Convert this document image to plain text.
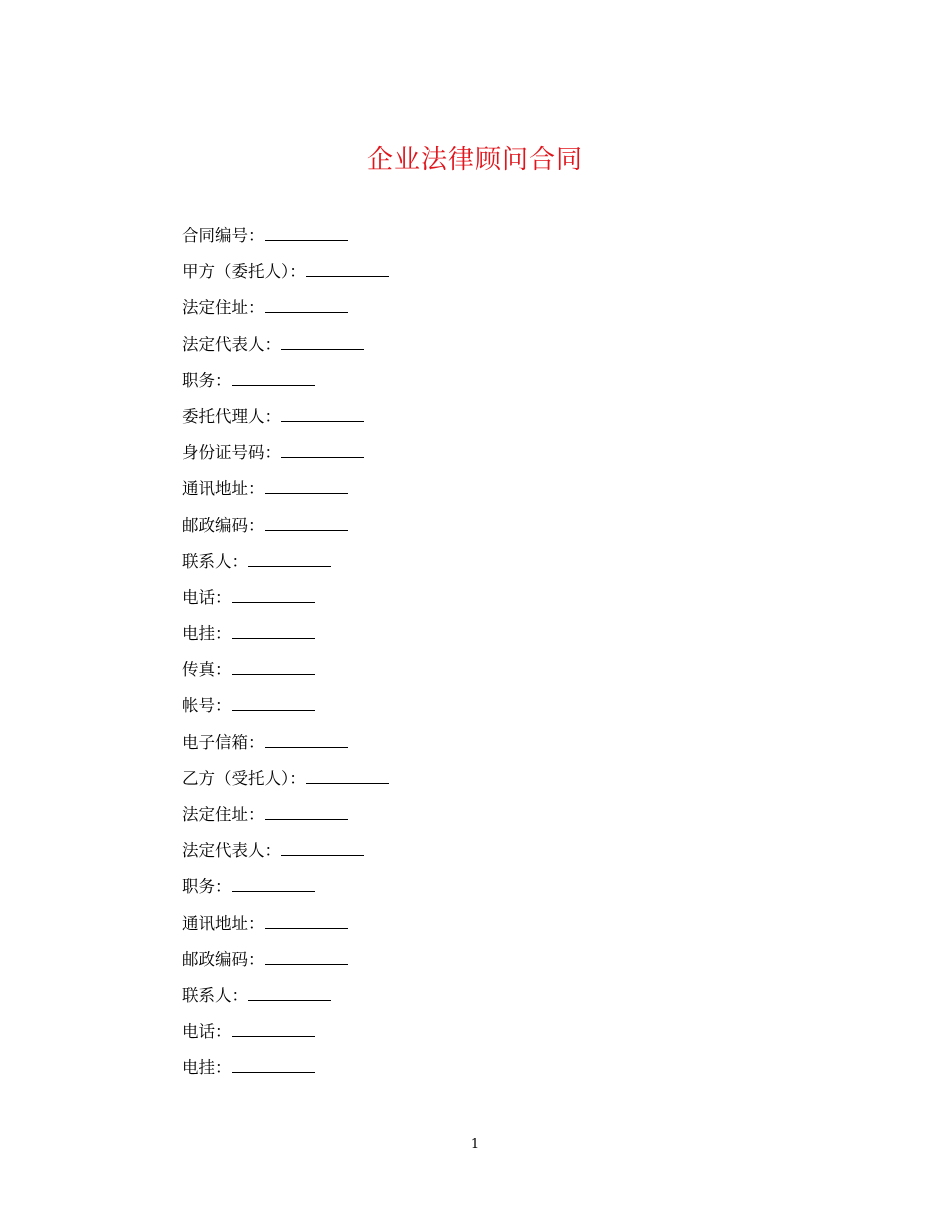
企业法律顾问合同
合同编号：
甲方（委托人）：
法定住址：
法定代表人：
职务：
委托代理人：
身份证号码：
通讯地址：
邮政编码：
联系人：
电话：
电挂：
传真：
帐号：
电子信箱：
乙方（受托人）：
法定住址：
法定代表人：
职务：
通讯地址：
邮政编码：
联系人：
电话：
电挂：
1
